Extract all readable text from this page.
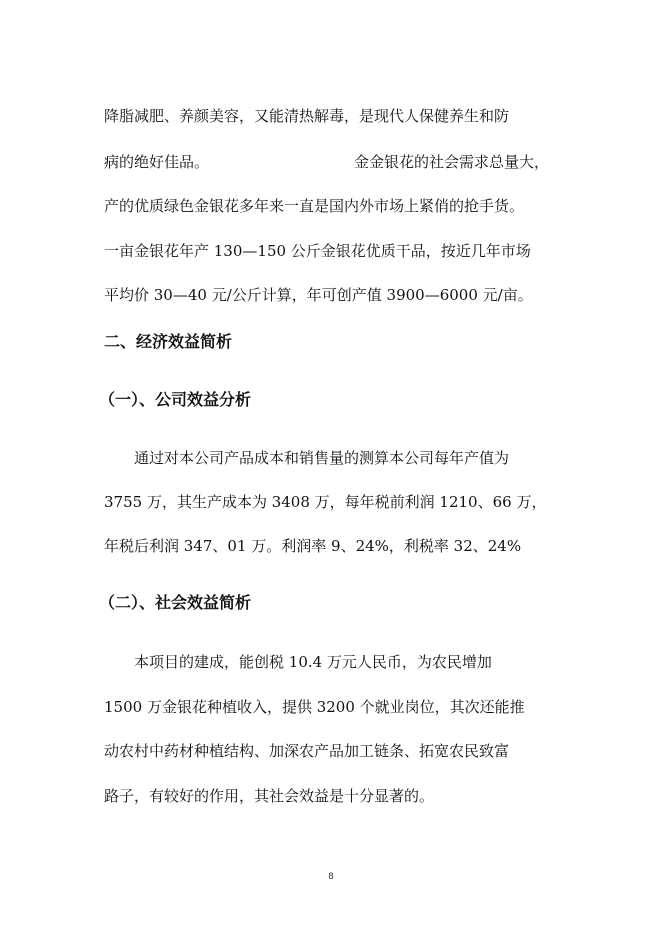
降脂减肥、养颜美容，又能清热解毒，是现代人保健养生和防
病的绝好佳品。	金金银花的社会需求总量大，
产的优质绿色金银花多年来一直是国内外市场上紧俏的抢手货。
一亩金银花年产 130—150 公斤金银花优质干品，按近几年市场
平均价 30—40 元/公斤计算，年可创产值 3900—6000 元/亩。
二、经济效益简析
（一）、公司效益分析
通过对本公司产品成本和销售量的测算本公司每年产值为
3755 万，其生产成本为 3408 万，每年税前利润 1210、66 万，
年税后利润 347、01 万。利润率 9、24%，利税率 32、24%
（二）、社会效益简析
本项目的建成，能创税 10.4 万元人民币，为农民增加
1500 万金银花种植收入，提供 3200 个就业岗位，其次还能推
动农村中药材种植结构、加深农产品加工链条、拓宽农民致富
路子，有较好的作用，其社会效益是十分显著的。
8
